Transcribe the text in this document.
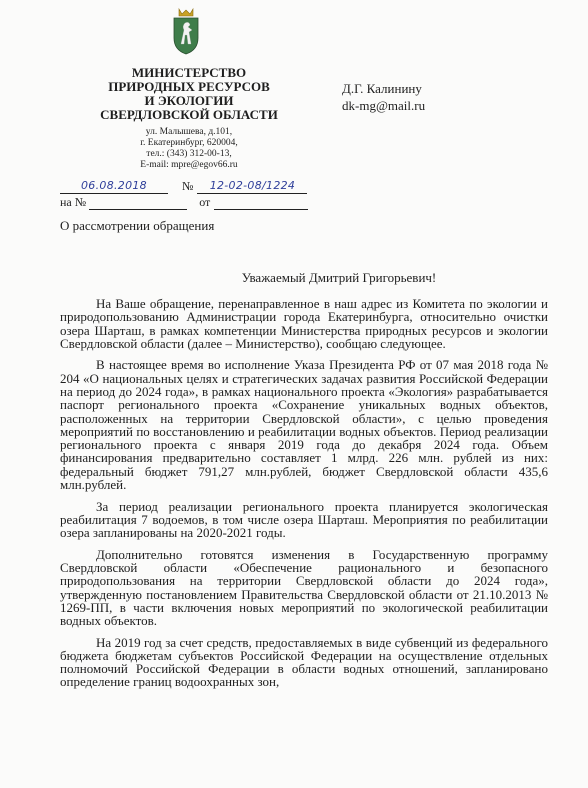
МИНИСТЕРСТВО
ПРИРОДНЫХ РЕСУРСОВ
И ЭКОЛОГИИ
СВЕРДЛОВСКОЙ ОБЛАСТИ
ул. Малышева, д.101,
г. Екатеринбург, 620004,
тел.: (343) 312-00-13,
E-mail: mpre@egov66.ru
Д.Г. Калинину
dk-mg@mail.ru
06.08.2018	№	12-02-08/1224
на №	от
О рассмотрении обращения
Уважаемый Дмитрий Григорьевич!

На Ваше обращение, перенаправленное в наш адрес из Комитета по экологии и природопользованию Администрации города Екатеринбурга, относительно очистки озера Шарташ, в рамках компетенции Министерства природных ресурсов и экологии Свердловской области (далее – Министерство), сообщаю следующее.

В настоящее время во исполнение Указа Президента РФ от 07 мая 2018 года № 204 «О национальных целях и стратегических задачах развития Российской Федерации на период до 2024 года», в рамках национального проекта «Экология» разрабатывается паспорт регионального проекта «Сохранение уникальных водных объектов, расположенных на территории Свердловской области», с целью проведения мероприятий по восстановлению и реабилитации водных объектов. Период реализации регионального проекта с января 2019 года до декабря 2024 года. Объем финансирования предварительно составляет 1 млрд. 226 млн. рублей из них: федеральный бюджет 791,27 млн.рублей, бюджет Свердловской области 435,6 млн.рублей.

За период реализации регионального проекта планируется экологическая реабилитация 7 водоемов, в том числе озера Шарташ. Мероприятия по реабилитации озера запланированы на 2020-2021 годы.

Дополнительно готовятся изменения в Государственную программу Свердловской области «Обеспечение рационального и безопасного природопользования на территории Свердловской области до 2024 года», утвержденную постановлением Правительства Свердловской области от 21.10.2013 № 1269-ПП, в части включения новых мероприятий по экологической реабилитации водных объектов.

На 2019 год за счет средств, предоставляемых в виде субвенций из федерального бюджета бюджетам субъектов Российской Федерации на осуществление отдельных полномочий Российской Федерации в области водных отношений, запланировано определение границ водоохранных зон,
